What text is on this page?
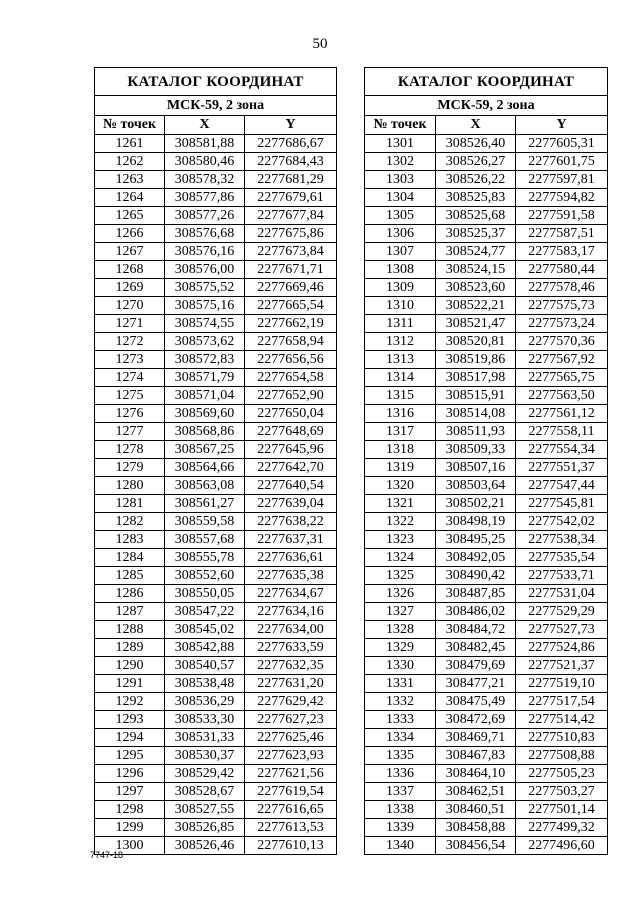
50
КАТАЛОГ КООРДИНАТ		
МСК-59, 2 зона		
№ точек	X	Y
1261	308581,88	2277686,67
1262	308580,46	2277684,43
1263	308578,32	2277681,29
1264	308577,86	2277679,61
1265	308577,26	2277677,84
1266	308576,68	2277675,86
1267	308576,16	2277673,84
1268	308576,00	2277671,71
1269	308575,52	2277669,46
1270	308575,16	2277665,54
1271	308574,55	2277662,19
1272	308573,62	2277658,94
1273	308572,83	2277656,56
1274	308571,79	2277654,58
1275	308571,04	2277652,90
1276	308569,60	2277650,04
1277	308568,86	2277648,69
1278	308567,25	2277645,96
1279	308564,66	2277642,70
1280	308563,08	2277640,54
1281	308561,27	2277639,04
1282	308559,58	2277638,22
1283	308557,68	2277637,31
1284	308555,78	2277636,61
1285	308552,60	2277635,38
1286	308550,05	2277634,67
1287	308547,22	2277634,16
1288	308545,02	2277634,00
1289	308542,88	2277633,59
1290	308540,57	2277632,35
1291	308538,48	2277631,20
1292	308536,29	2277629,42
1293	308533,30	2277627,23
1294	308531,33	2277625,46
1295	308530,37	2277623,93
1296	308529,42	2277621,56
1297	308528,67	2277619,54
1298	308527,55	2277616,65
1299	308526,85	2277613,53
1300	308526,46	2277610,13
КАТАЛОГ КООРДИНАТ		
МСК-59, 2 зона		
№ точек	X	Y
1301	308526,40	2277605,31
1302	308526,27	2277601,75
1303	308526,22	2277597,81
1304	308525,83	2277594,82
1305	308525,68	2277591,58
1306	308525,37	2277587,51
1307	308524,77	2277583,17
1308	308524,15	2277580,44
1309	308523,60	2277578,46
1310	308522,21	2277575,73
1311	308521,47	2277573,24
1312	308520,81	2277570,36
1313	308519,86	2277567,92
1314	308517,98	2277565,75
1315	308515,91	2277563,50
1316	308514,08	2277561,12
1317	308511,93	2277558,11
1318	308509,33	2277554,34
1319	308507,16	2277551,37
1320	308503,64	2277547,44
1321	308502,21	2277545,81
1322	308498,19	2277542,02
1323	308495,25	2277538,34
1324	308492,05	2277535,54
1325	308490,42	2277533,71
1326	308487,85	2277531,04
1327	308486,02	2277529,29
1328	308484,72	2277527,73
1329	308482,45	2277524,86
1330	308479,69	2277521,37
1331	308477,21	2277519,10
1332	308475,49	2277517,54
1333	308472,69	2277514,42
1334	308469,71	2277510,83
1335	308467,83	2277508,88
1336	308464,10	2277505,23
1337	308462,51	2277503,27
1338	308460,51	2277501,14
1339	308458,88	2277499,32
1340	308456,54	2277496,60
7747-18
